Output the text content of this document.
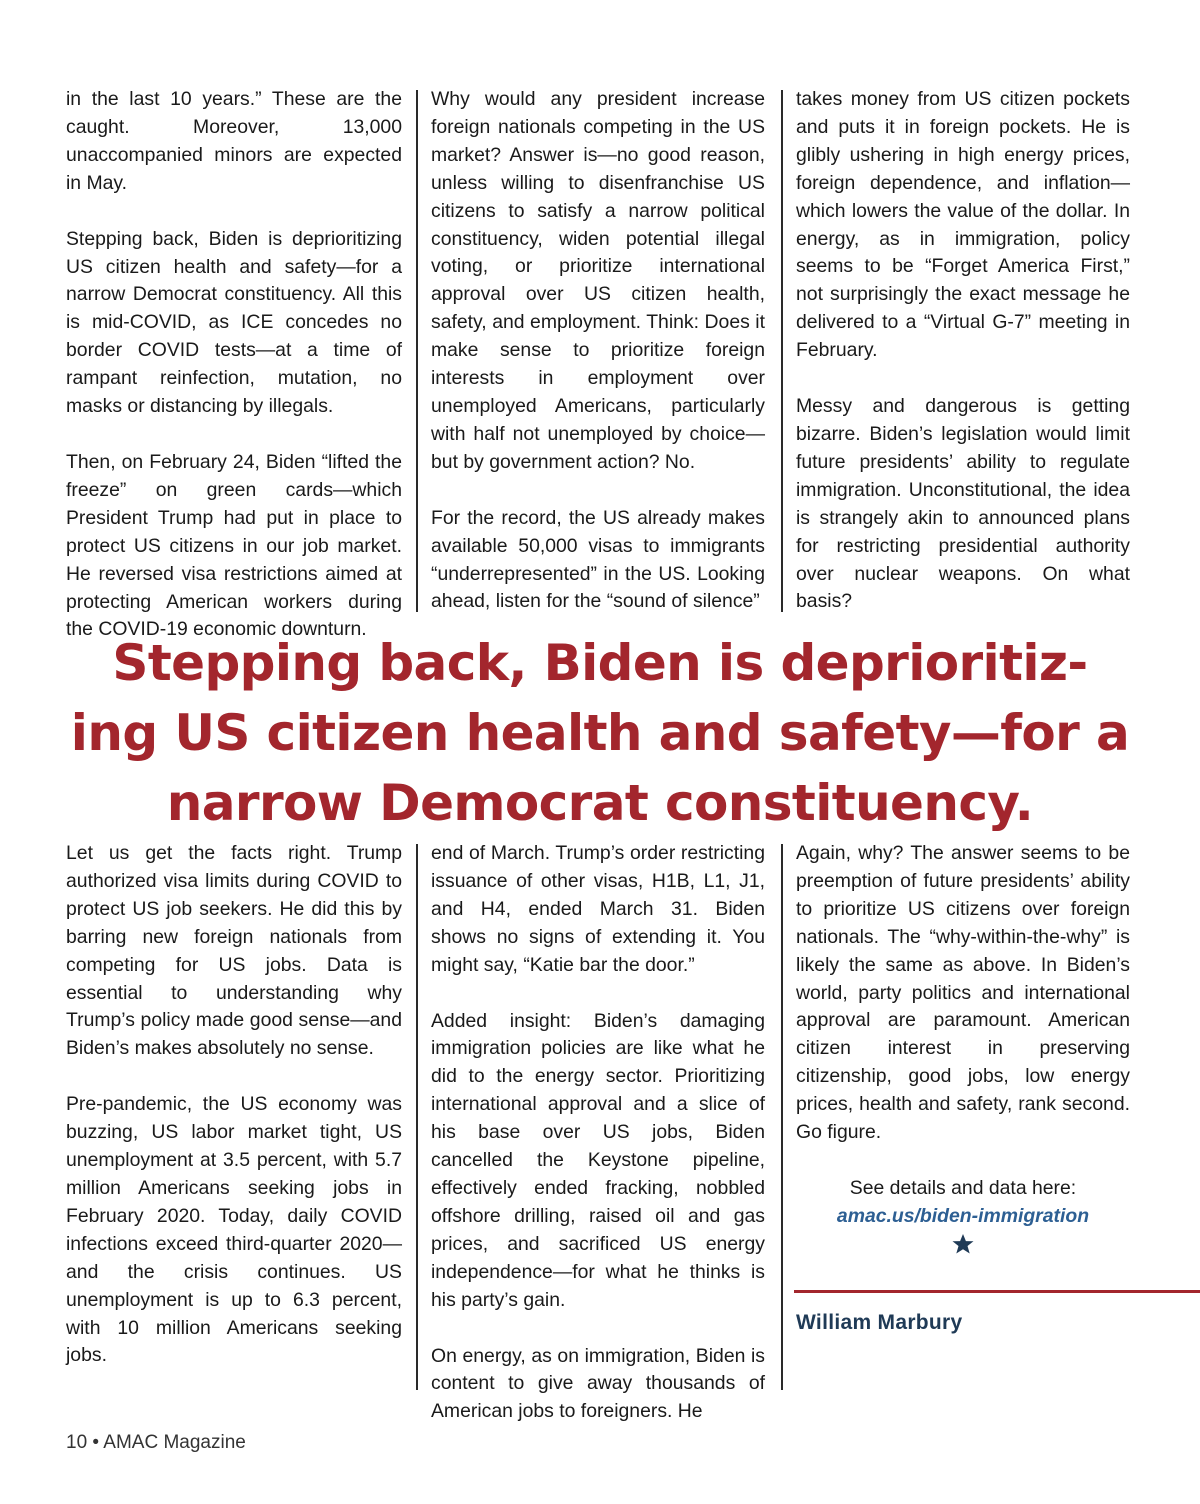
in the last 10 years.” These are the caught. Moreover, 13,000 unaccompanied minors are expected in May.

Stepping back, Biden is deprioritizing US citizen health and safety—for a narrow Democrat constituency. All this is mid-COVID, as ICE concedes no border COVID tests—at a time of rampant reinfection, mutation, no masks or distancing by illegals.

Then, on February 24, Biden “lifted the freeze” on green cards—which President Trump had put in place to protect US citizens in our job market. He reversed visa restrictions aimed at protecting American workers during the COVID-19 economic downturn.

Why would any president increase foreign nationals competing in the US market? Answer is—no good reason, unless willing to disenfranchise US citizens to satisfy a narrow political constituency, widen potential illegal voting, or prioritize international approval over US citizen health, safety, and employment. Think: Does it make sense to prioritize foreign interests in employment over unemployed Americans, particularly with half not unemployed by choice—but by government action? No.

For the record, the US already makes available 50,000 visas to immigrants “underrepresented” in the US. Looking ahead, listen for the “sound of silence”

takes money from US citizen pockets and puts it in foreign pockets. He is glibly ushering in high energy prices, foreign dependence, and inflation—which lowers the value of the dollar. In energy, as in immigration, policy seems to be “Forget America First,” not surprisingly the exact message he delivered to a “Virtual G-7” meeting in February.

Messy and dangerous is getting bizarre. Biden’s legislation would limit future presidents’ ability to regulate immigration. Unconstitutional, the idea is strangely akin to announced plans for restricting presidential authority over nuclear weapons. On what basis?

Stepping back, Biden is deprioritiz-
ing US citizen health and safety—for a
narrow Democrat constituency.

Let us get the facts right. Trump authorized visa limits during COVID to protect US job seekers. He did this by barring new foreign nationals from competing for US jobs. Data is essential to understanding why Trump’s policy made good sense—and Biden’s makes absolutely no sense.

Pre-pandemic, the US economy was buzzing, US labor market tight, US unemployment at 3.5 percent, with 5.7 million Americans seeking jobs in February 2020. Today, daily COVID infections exceed third-quarter 2020—and the crisis continues. US unemployment is up to 6.3 percent, with 10 million Americans seeking jobs.

end of March. Trump’s order restricting issuance of other visas, H1B, L1, J1, and H4, ended March 31. Biden shows no signs of extending it. You might say, “Katie bar the door.”

Added insight: Biden’s damaging immigration policies are like what he did to the energy sector. Prioritizing international approval and a slice of his base over US jobs, Biden cancelled the Keystone pipeline, effectively ended fracking, nobbled offshore drilling, raised oil and gas prices, and sacrificed US energy independence—for what he thinks is his party’s gain.

On energy, as on immigration, Biden is content to give away thousands of American jobs to foreigners. He

Again, why? The answer seems to be preemption of future presidents’ ability to prioritize US citizens over foreign nationals. The “why-within-the-why” is likely the same as above. In Biden’s world, party politics and international approval are paramount. American citizen interest in preserving citizenship, good jobs, low energy prices, health and safety, rank second. Go figure.

See details and data here:
amac.us/biden-immigration
William Marbury
10 • AMAC Magazine
